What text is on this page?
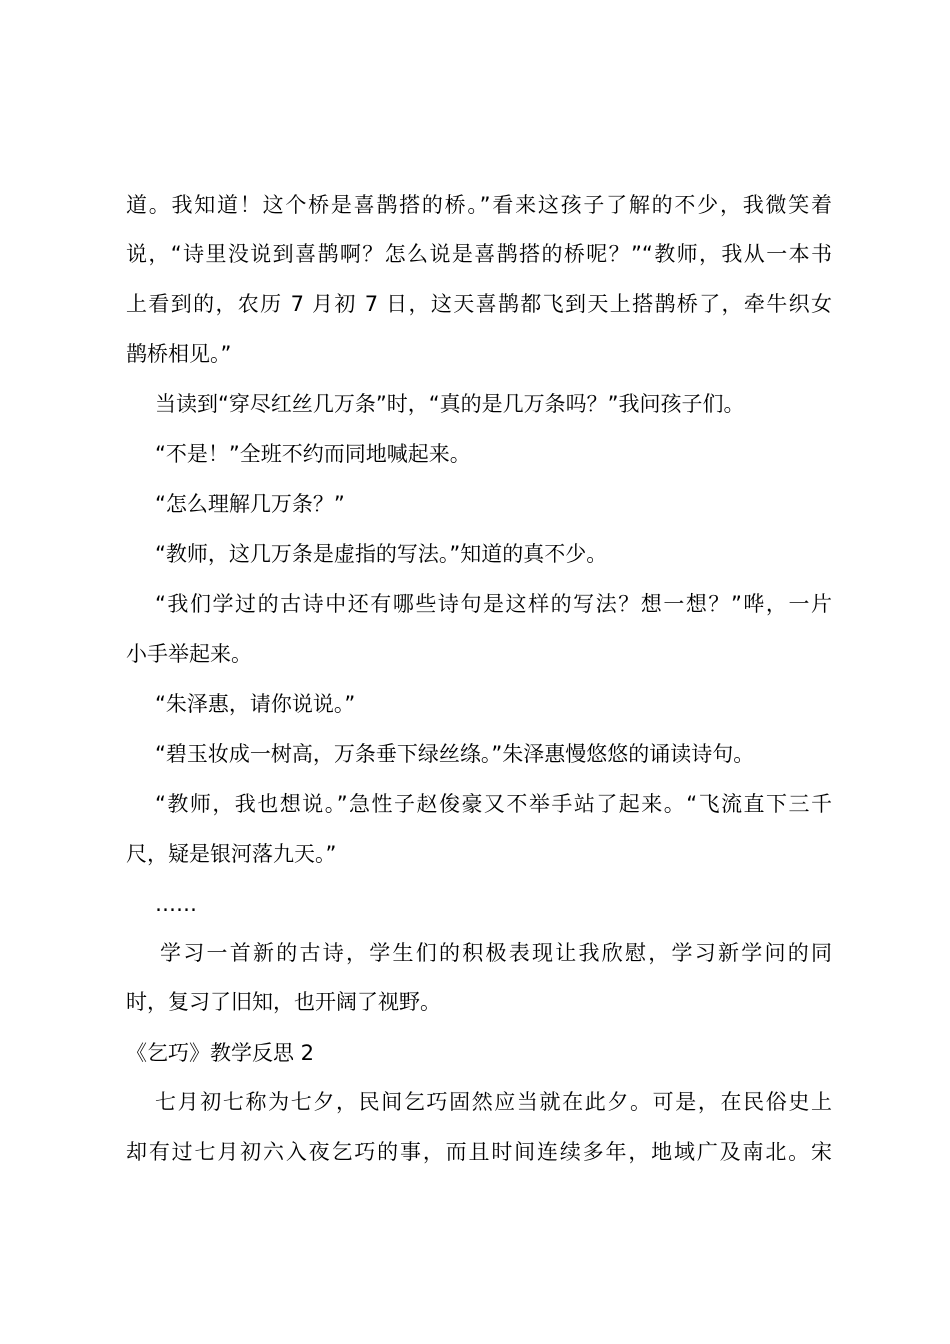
道。我知道！这个桥是喜鹊搭的桥。”看来这孩子了解的不少，我微笑着
说，“诗里没说到喜鹊啊？怎么说是喜鹊搭的桥呢？”“教师，我从一本书
上看到的，农历 7 月初 7 日，这天喜鹊都飞到天上搭鹊桥了，牵牛织女
鹊桥相见。”
当读到“穿尽红丝几万条”时，“真的是几万条吗？”我问孩子们。
“不是！”全班不约而同地喊起来。
“怎么理解几万条？”
“教师，这几万条是虚指的写法。”知道的真不少。
“我们学过的古诗中还有哪些诗句是这样的写法？想一想？”哗，一片
小手举起来。
“朱泽惠，请你说说。”
“碧玉妆成一树高，万条垂下绿丝绦。”朱泽惠慢悠悠的诵读诗句。
“教师，我也想说。”急性子赵俊豪又不举手站了起来。“飞流直下三千
尺，疑是银河落九天。”
……
学习一首新的古诗，学生们的积极表现让我欣慰，学习新学问的同
时，复习了旧知，也开阔了视野。
《乞巧》教学反思 2
七月初七称为七夕，民间乞巧固然应当就在此夕。可是，在民俗史上
却有过七月初六入夜乞巧的事，而且时间连续多年，地域广及南北。宋
